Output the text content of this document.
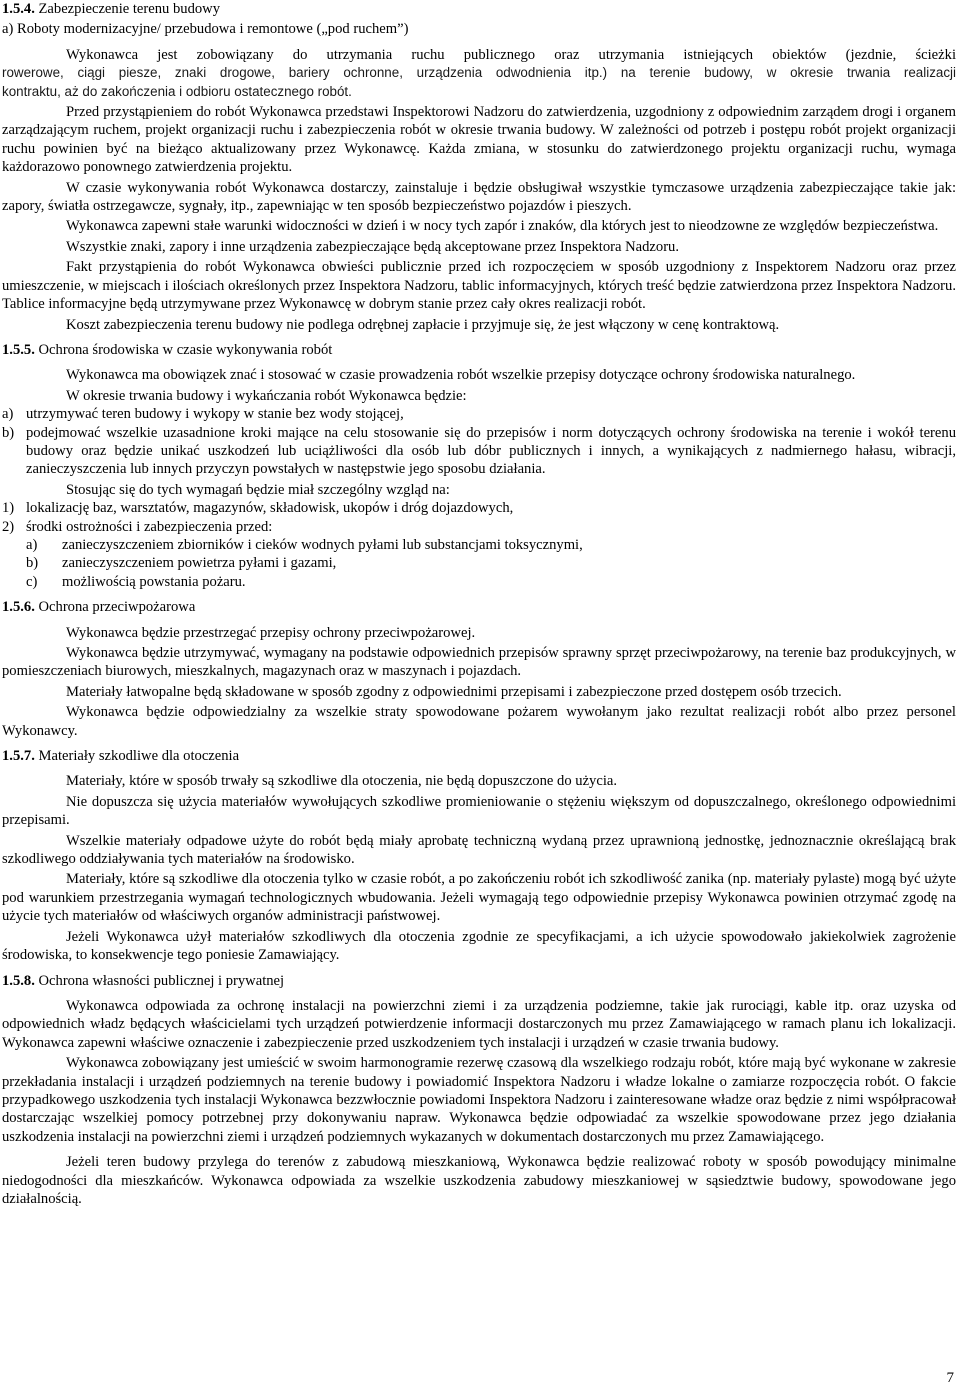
1.5.4. Zabezpieczenie terenu budowy

a) Roboty modernizacyjne/ przebudowa i remontowe („pod ruchem”)

Wykonawca jest zobowiązany do utrzymania ruchu publicznego oraz utrzymania istniejących obiektów (jezdnie, ścieżki

rowerowe, ciągi piesze, znaki drogowe, bariery ochronne, urządzenia odwodnienia itp.) na terenie budowy, w okresie trwania realizacji

kontraktu, aż do zakończenia i odbioru ostatecznego robót.

Przed przystąpieniem do robót Wykonawca przedstawi Inspektorowi Nadzoru do zatwierdzenia, uzgodniony z odpowiednim zarządem drogi i organem zarządzającym ruchem, projekt organizacji ruchu i zabezpieczenia robót w okresie trwania budowy. W zależności od potrzeb i postępu robót projekt organizacji ruchu powinien być na bieżąco aktualizowany przez Wykonawcę. Każda zmiana, w stosunku do zatwierdzonego projektu organizacji ruchu, wymaga każdorazowo ponownego zatwierdzenia projektu.

W czasie wykonywania robót Wykonawca dostarczy, zainstaluje i będzie obsługiwał wszystkie tymczasowe urządzenia zabezpieczające takie jak: zapory, światła ostrzegawcze, sygnały, itp., zapewniając w ten sposób bezpieczeństwo pojazdów i pieszych.

Wykonawca zapewni stałe warunki widoczności w dzień i w nocy tych zapór i znaków, dla których jest to nieodzowne ze względów bezpieczeństwa.

Wszystkie znaki, zapory i inne urządzenia zabezpieczające będą akceptowane przez Inspektora Nadzoru.

Fakt przystąpienia do robót Wykonawca obwieści publicznie przed ich rozpoczęciem w sposób uzgodniony z Inspektorem Nadzoru oraz przez umieszczenie, w miejscach i ilościach określonych przez Inspektora Nadzoru, tablic informacyjnych, których treść będzie zatwierdzona przez Inspektora Nadzoru. Tablice informacyjne będą utrzymywane przez Wykonawcę w dobrym stanie przez cały okres realizacji robót.

Koszt zabezpieczenia terenu budowy nie podlega odrębnej zapłacie i przyjmuje się, że jest włączony w cenę kontraktową.

1.5.5. Ochrona środowiska w czasie wykonywania robót

Wykonawca ma obowiązek znać i stosować w czasie prowadzenia robót wszelkie przepisy dotyczące ochrony środowiska naturalnego.

W okresie trwania budowy i wykańczania robót Wykonawca będzie:

a) utrzymywać teren budowy i wykopy w stanie bez wody stojącej,
b) podejmować wszelkie uzasadnione kroki mające na celu stosowanie się do przepisów i norm dotyczących ochrony środowiska na terenie i wokół terenu budowy oraz będzie unikać uszkodzeń lub uciążliwości dla osób lub dóbr publicznych i innych, a wynikających z nadmiernego hałasu, wibracji, zanieczyszczenia lub innych przyczyn powstałych w następstwie jego sposobu działania.

Stosując się do tych wymagań będzie miał szczególny wzgląd na:

1) lokalizację baz, warsztatów, magazynów, składowisk, ukopów i dróg dojazdowych,
2) środki ostrożności i zabezpieczenia przed:
a)	zanieczyszczeniem zbiorników i cieków wodnych pyłami lub substancjami toksycznymi,
b)	zanieczyszczeniem powietrza pyłami i gazami,
c)	możliwością powstania pożaru.

1.5.6. Ochrona przeciwpożarowa

Wykonawca będzie przestrzegać przepisy ochrony przeciwpożarowej.

Wykonawca będzie utrzymywać, wymagany na podstawie odpowiednich przepisów sprawny sprzęt przeciwpożarowy, na terenie baz produkcyjnych, w pomieszczeniach biurowych, mieszkalnych, magazynach oraz w maszynach i pojazdach.

Materiały łatwopalne będą składowane w sposób zgodny z odpowiednimi przepisami i zabezpieczone przed dostępem osób trzecich.

Wykonawca będzie odpowiedzialny za wszelkie straty spowodowane pożarem wywołanym jako rezultat realizacji robót albo przez personel Wykonawcy.

1.5.7. Materiały szkodliwe dla otoczenia

Materiały, które w sposób trwały są szkodliwe dla otoczenia, nie będą dopuszczone do użycia.

Nie dopuszcza się użycia materiałów wywołujących szkodliwe promieniowanie o stężeniu większym od dopuszczalnego, określonego odpowiednimi przepisami.

Wszelkie materiały odpadowe użyte do robót będą miały aprobatę techniczną wydaną przez uprawnioną jednostkę, jednoznacznie określającą brak szkodliwego oddziaływania tych materiałów na środowisko.

Materiały, które są szkodliwe dla otoczenia tylko w czasie robót, a po zakończeniu robót ich szkodliwość zanika (np. materiały pylaste) mogą być użyte pod warunkiem przestrzegania wymagań technologicznych wbudowania. Jeżeli wymagają tego odpowiednie przepisy Wykonawca powinien otrzymać zgodę na użycie tych materiałów od właściwych organów administracji państwowej.

Jeżeli Wykonawca użył materiałów szkodliwych dla otoczenia zgodnie ze specyfikacjami, a ich użycie spowodowało jakiekolwiek zagrożenie środowiska, to konsekwencje tego poniesie Zamawiający.

1.5.8. Ochrona własności publicznej i prywatnej

Wykonawca odpowiada za ochronę instalacji na powierzchni ziemi i za urządzenia podziemne, takie jak rurociągi, kable itp. oraz uzyska od odpowiednich władz będących właścicielami tych urządzeń potwierdzenie informacji dostarczonych mu przez Zamawiającego w ramach planu ich lokalizacji. Wykonawca zapewni właściwe oznaczenie i zabezpieczenie przed uszkodzeniem tych instalacji i urządzeń w czasie trwania budowy.

Wykonawca zobowiązany jest umieścić w swoim harmonogramie rezerwę czasową dla wszelkiego rodzaju robót, które mają być wykonane w zakresie przekładania instalacji i urządzeń podziemnych na terenie budowy i powiadomić Inspektora Nadzoru i władze lokalne o zamiarze rozpoczęcia robót. O fakcie przypadkowego uszkodzenia tych instalacji Wykonawca bezzwłocznie powiadomi Inspektora Nadzoru i zainteresowane władze oraz będzie z nimi współpracował dostarczając wszelkiej pomocy potrzebnej przy dokonywaniu napraw. Wykonawca będzie odpowiadać za wszelkie spowodowane przez jego działania uszkodzenia instalacji na powierzchni ziemi i urządzeń podziemnych wykazanych w dokumentach dostarczonych mu przez Zamawiającego.

Jeżeli teren budowy przylega do terenów z zabudową mieszkaniową, Wykonawca będzie realizować roboty w sposób powodujący minimalne niedogodności dla mieszkańców. Wykonawca odpowiada za wszelkie uszkodzenia zabudowy mieszkaniowej w sąsiedztwie budowy, spowodowane jego działalnością.

7
